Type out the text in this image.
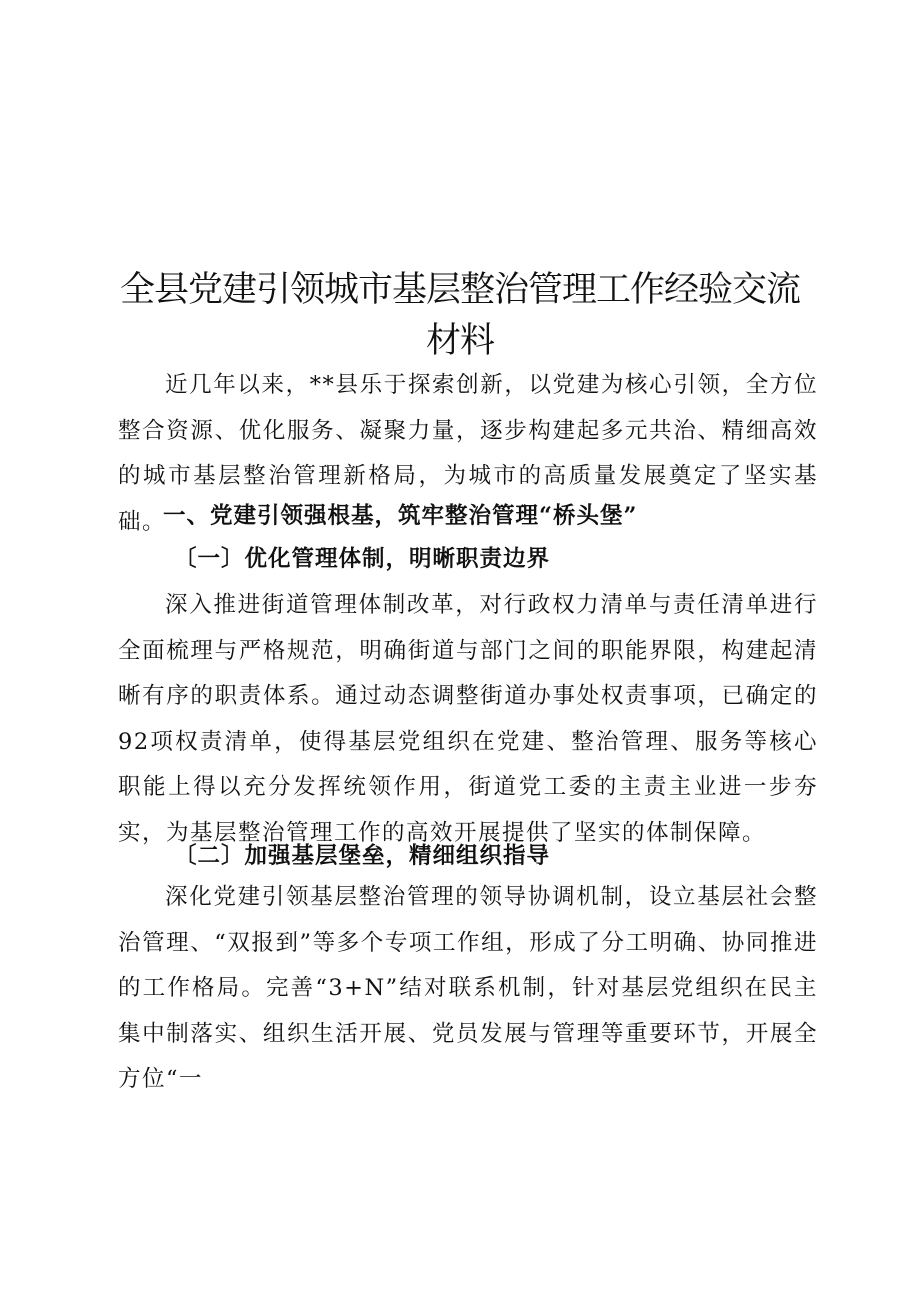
全县党建引领城市基层整治管理工作经验交流
材料
近几年以来，**县乐于探索创新，以党建为核心引领，全方位整合资源、优化服务、凝聚力量，逐步构建起多元共治、精细高效的城市基层整治管理新格局，为城市的高质量发展奠定了坚实基础。
一、党建引领强根基，筑牢整治管理“桥头堡”
〔一〕优化管理体制，明晰职责边界
深入推进街道管理体制改革，对行政权力清单与责任清单进行全面梳理与严格规范，明确街道与部门之间的职能界限，构建起清晰有序的职责体系。通过动态调整街道办事处权责事项，已确定的92项权责清单，使得基层党组织在党建、整治管理、服务等核心职能上得以充分发挥统领作用，街道党工委的主责主业进一步夯实，为基层整治管理工作的高效开展提供了坚实的体制保障。
〔二〕加强基层堡垒，精细组织指导
深化党建引领基层整治管理的领导协调机制，设立基层社会整治管理、“双报到”等多个专项工作组，形成了分工明确、协同推进的工作格局。完善“3+N”结对联系机制，针对基层党组织在民主集中制落实、组织生活开展、党员发展与管理等重要环节，开展全方位“一
